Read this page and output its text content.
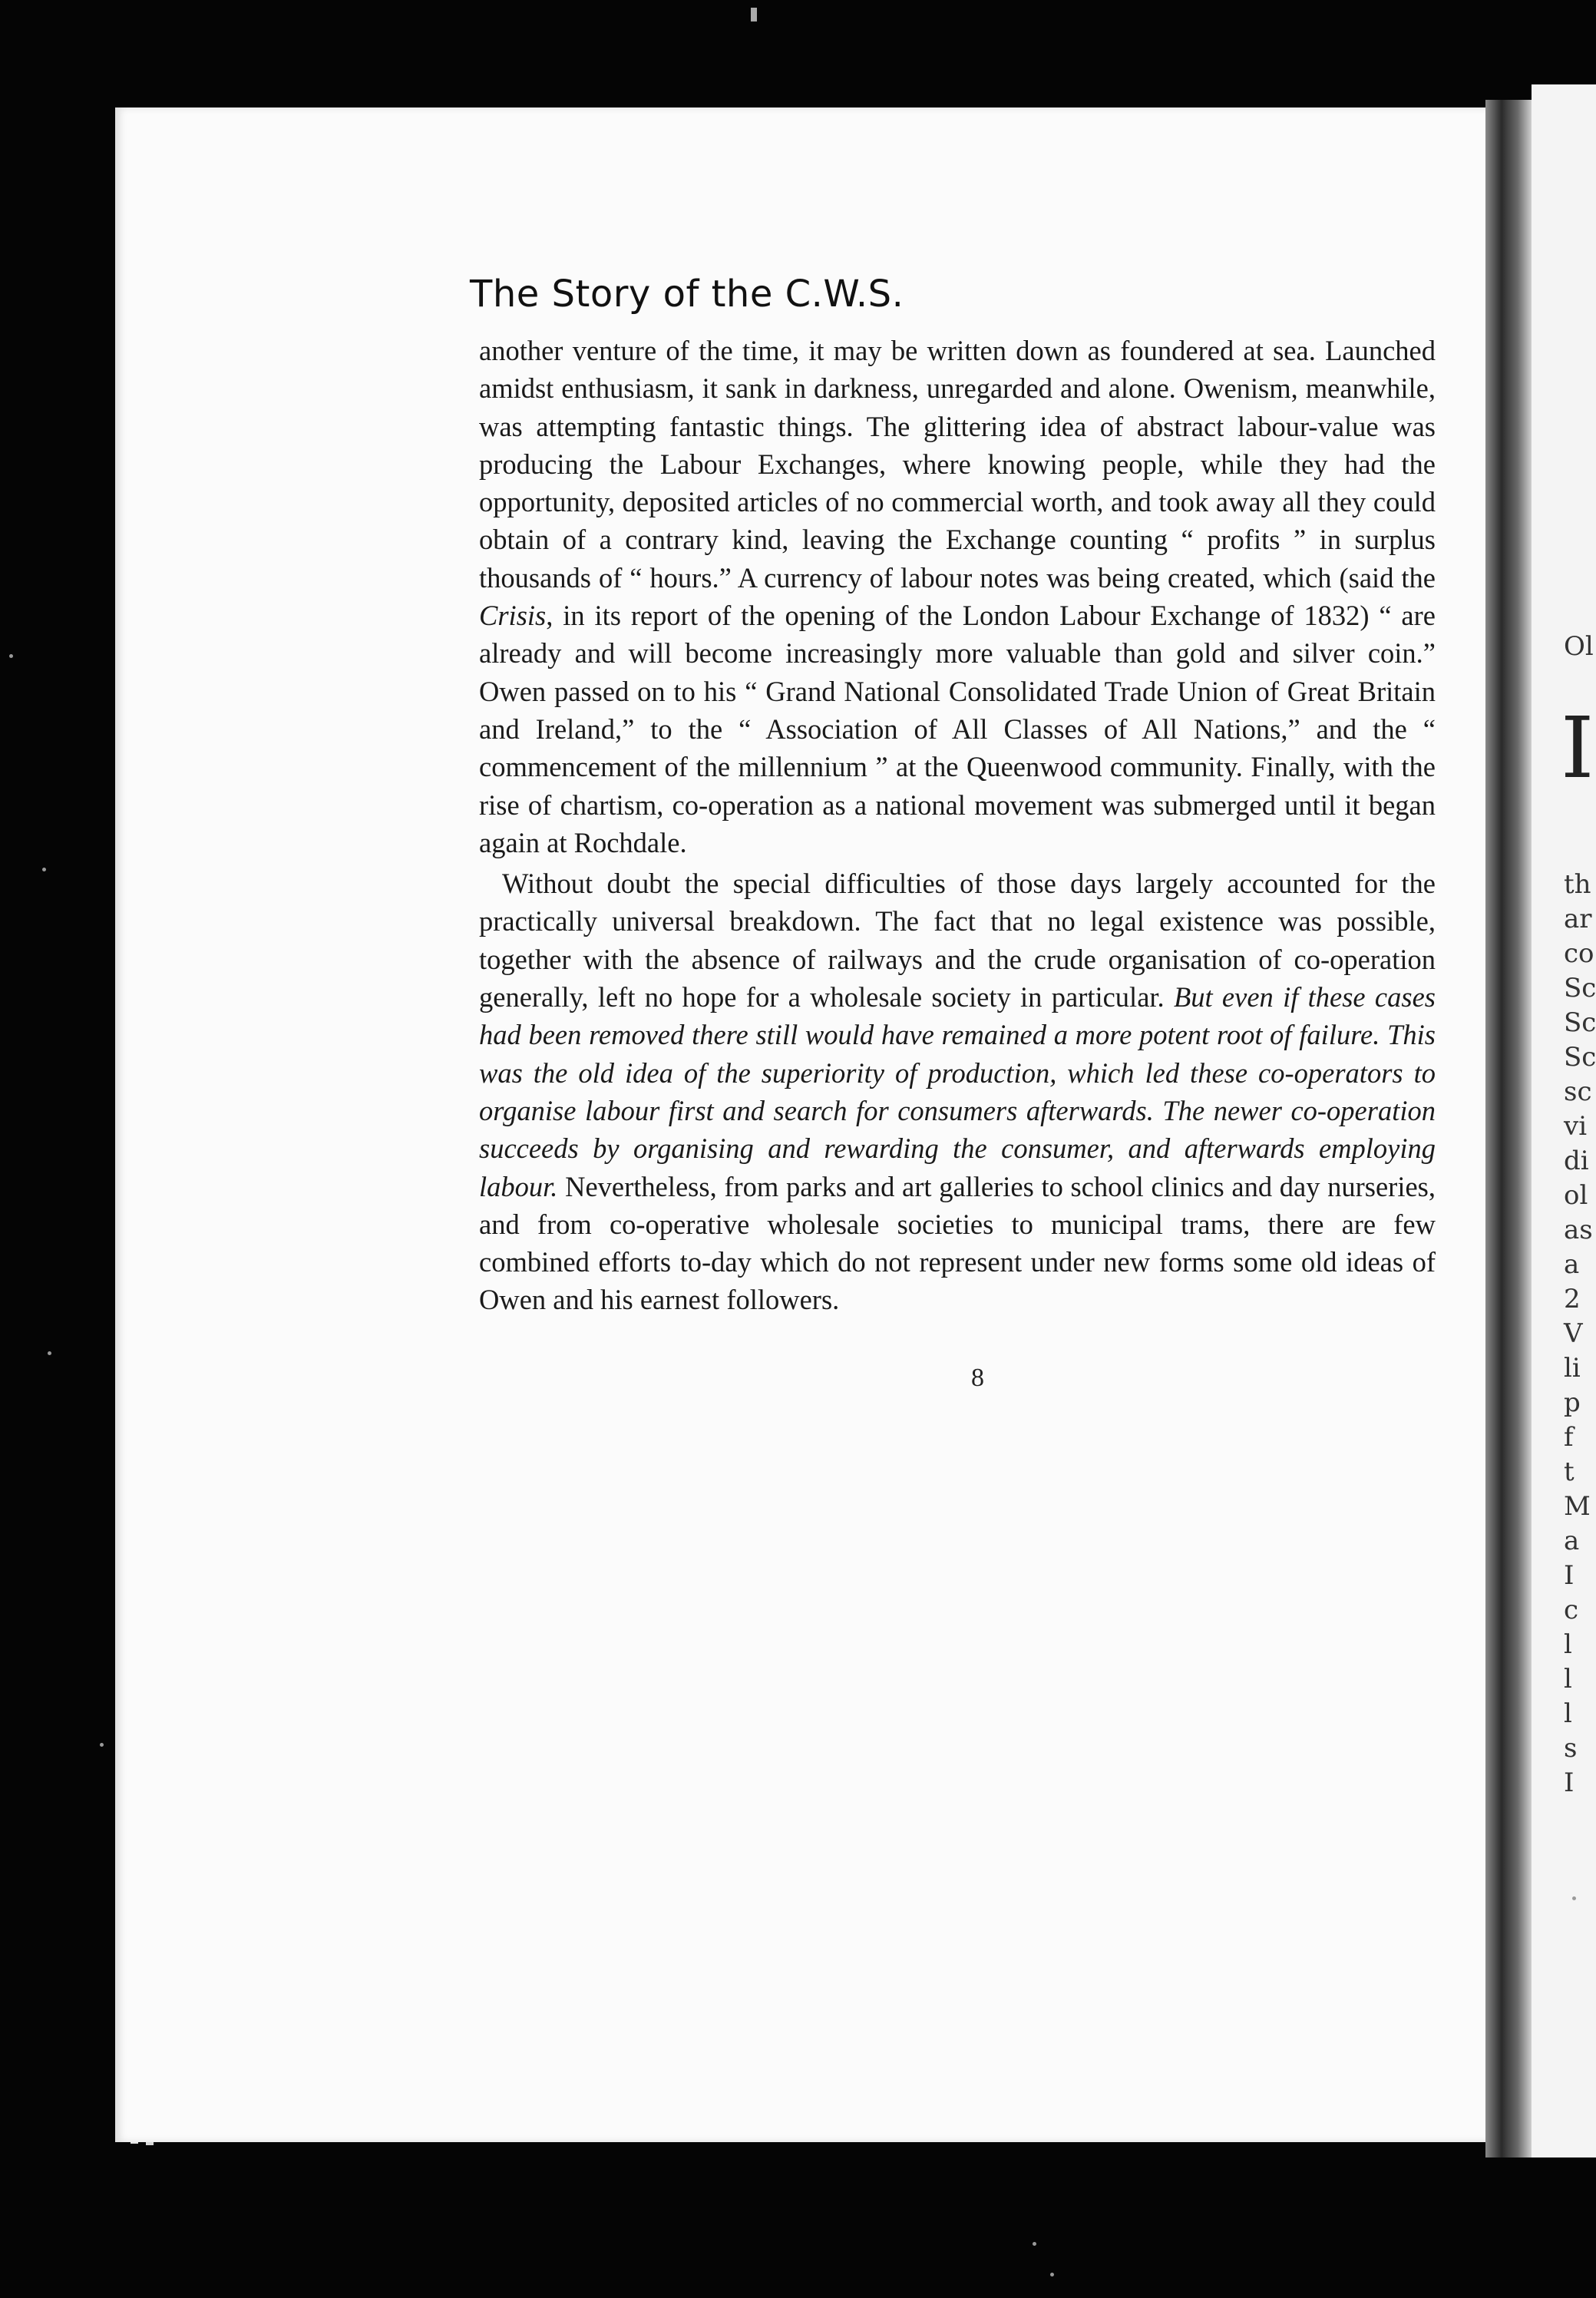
Ol
I
th
ar
co
Sc
Sc
Sc
sc
vi
di
ol
as
a
2
V
li
p
f
t
M
a
I
c
l
l
l
s
I
The Story of the C.W.S.

another venture of the time, it may be written down as foundered at sea. Launched amidst enthusiasm, it sank in darkness, unregarded and alone. Owenism, meanwhile, was attempting fantastic things. The glittering idea of abstract labour-value was producing the Labour Exchanges, where knowing people, while they had the opportunity, deposited articles of no commercial worth, and took away all they could obtain of a contrary kind, leaving the Exchange counting “ profits ” in surplus thousands of “ hours.” A currency of labour notes was being created, which (said the Crisis, in its report of the opening of the London Labour Exchange of 1832) “ are already and will become increasingly more valuable than gold and silver coin.” Owen passed on to his “ Grand National Consolidated Trade Union of Great Britain and Ireland,” to the “ Association of All Classes of All Nations,” and the “ commencement of the millennium ” at the Queenwood community. Finally, with the rise of chartism, co-operation as a national movement was submerged until it began again at Rochdale.

Without doubt the special difficulties of those days largely accounted for the practically universal breakdown. The fact that no legal existence was possible, together with the absence of railways and the crude organisation of co-operation generally, left no hope for a wholesale society in particular. But even if these cases had been removed there still would have remained a more potent root of failure. This was the old idea of the superiority of production, which led these co-operators to organise labour first and search for consumers afterwards. The newer co-operation succeeds by organising and rewarding the consumer, and afterwards employing labour. Nevertheless, from parks and art galleries to school clinics and day nurseries, and from co-operative wholesale societies to municipal trams, there are few combined efforts to-day which do not represent under new forms some old ideas of Owen and his earnest followers.

8
